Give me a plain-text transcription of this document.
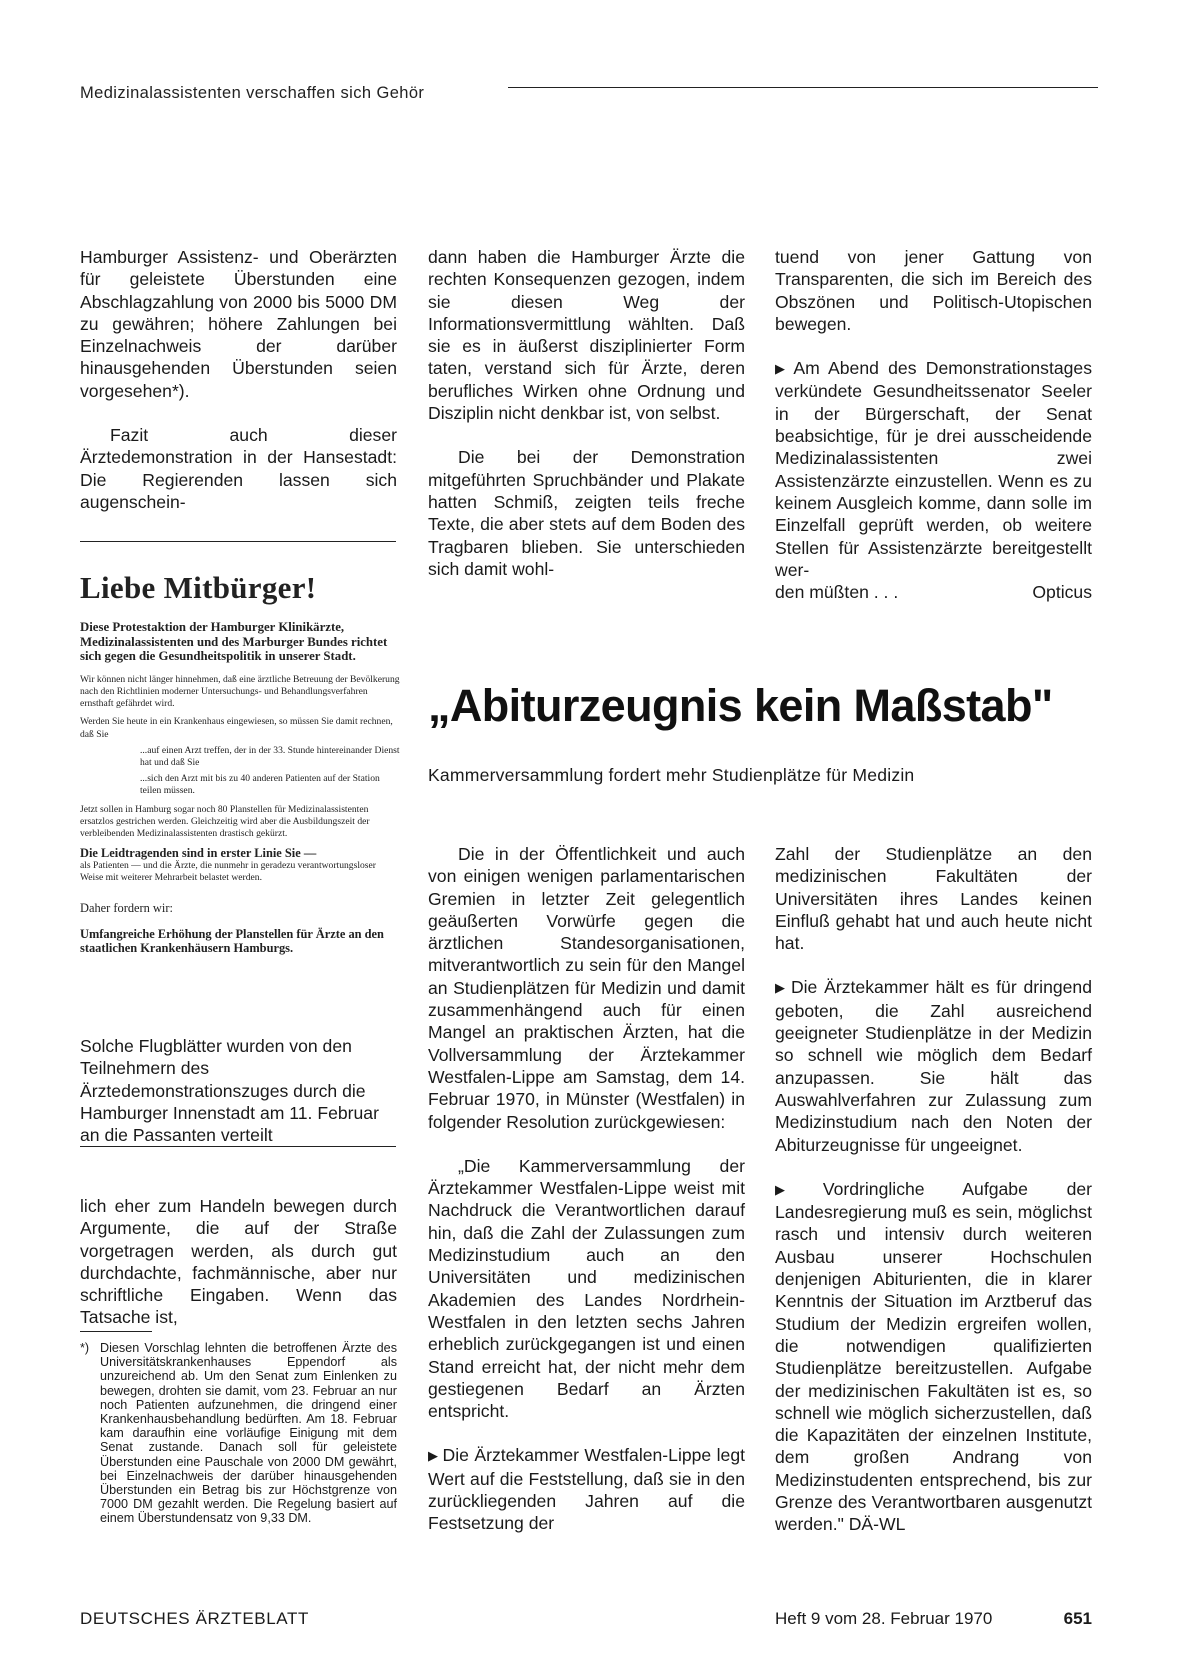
Medizinalassistenten verschaffen sich Gehör

Hamburger Assistenz- und Oberärzten für geleistete Überstunden eine Abschlagzahlung von 2000 bis 5000 DM zu gewähren; höhere Zahlungen bei Einzelnachweis der darüber hinausgehenden Überstunden seien vorgesehen*).

Fazit auch dieser Ärztedemonstration in der Hansestadt: Die Regierenden lassen sich augenschein-

dann haben die Hamburger Ärzte die rechten Konsequenzen gezogen, indem sie diesen Weg der Informationsvermittlung wählten. Daß sie es in äußerst disziplinierter Form taten, verstand sich für Ärzte, deren berufliches Wirken ohne Ordnung und Disziplin nicht denkbar ist, von selbst.

Die bei der Demonstration mitgeführten Spruchbänder und Plakate hatten Schmiß, zeigten teils freche Texte, die aber stets auf dem Boden des Tragbaren blieben. Sie unterschieden sich damit wohl-

tuend von jener Gattung von Transparenten, die sich im Bereich des Obszönen und Politisch-Utopischen bewegen.

▶ Am Abend des Demonstrationstages verkündete Gesundheitssenator Seeler in der Bürgerschaft, der Senat beabsichtige, für je drei ausscheidende Medizinalassistenten zwei Assistenzärzte einzustellen. Wenn es zu keinem Ausgleich komme, dann solle im Einzelfall geprüft werden, ob weitere Stellen für Assistenzärzte bereitgestellt wer-

den müßten . . .	Opticus
Liebe Mitbürger!
Diese Protestaktion der Hamburger Klinikärzte, Medizinalassistenten und des Marburger Bundes richtet sich gegen die Gesundheitspolitik in unserer Stadt.

Wir können nicht länger hinnehmen, daß eine ärztliche Betreuung der Bevölkerung nach den Richtlinien moderner Untersuchungs- und Behandlungsverfahren ernsthaft gefährdet wird.

Werden Sie heute in ein Krankenhaus eingewiesen, so müssen Sie damit rechnen, daß Sie

...auf einen Arzt treffen, der in der 33. Stunde hintereinander Dienst hat und daß Sie

...sich den Arzt mit bis zu 40 anderen Patienten auf der Station teilen müssen.

Jetzt sollen in Hamburg sogar noch 80 Planstellen für Medizinalassistenten ersatzlos gestrichen werden. Gleichzeitig wird aber die Ausbildungszeit der verbleibenden Medizinalassistenten drastisch gekürzt.

Die Leidtragenden sind in erster Linie Sie —

als Patienten — und die Ärzte, die nunmehr in geradezu verantwortungsloser Weise mit weiterer Mehrarbeit belastet werden.

Daher fordern wir:

Umfangreiche Erhöhung der Planstellen für Ärzte an den staatlichen Krankenhäusern Hamburgs.

Solche Flugblätter wurden von den Teilnehmern des Ärztedemonstrationszuges durch die Hamburger Innenstadt am 11. Februar an die Passanten verteilt

lich eher zum Handeln bewegen durch Argumente, die auf der Straße vorgetragen werden, als durch gut durchdachte, fachmännische, aber nur schriftliche Eingaben. Wenn das Tatsache ist,

*) Diesen Vorschlag lehnten die betroffenen Ärzte des Universitätskrankenhauses Eppendorf als unzureichend ab. Um den Senat zum Einlenken zu bewegen, drohten sie damit, vom 23. Februar an nur noch Patienten aufzunehmen, die dringend einer Krankenhausbehandlung bedürften. Am 18. Februar kam daraufhin eine vorläufige Einigung mit dem Senat zustande. Danach soll für geleistete Überstunden eine Pauschale von 2000 DM gewährt, bei Einzelnachweis der darüber hinausgehenden Überstunden ein Betrag bis zur Höchstgrenze von 7000 DM gezahlt werden. Die Regelung basiert auf einem Überstundensatz von 9,33 DM.
„Abiturzeugnis kein Maßstab"
Kammerversammlung fordert mehr Studienplätze für Medizin

Die in der Öffentlichkeit und auch von einigen wenigen parlamentarischen Gremien in letzter Zeit gelegentlich geäußerten Vorwürfe gegen die ärztlichen Standesorganisationen, mitverantwortlich zu sein für den Mangel an Studienplätzen für Medizin und damit zusammenhängend auch für einen Mangel an praktischen Ärzten, hat die Vollversammlung der Ärztekammer Westfalen-Lippe am Samstag, dem 14. Februar 1970, in Münster (Westfalen) in folgender Resolution zurückgewiesen:

„Die Kammerversammlung der Ärztekammer Westfalen-Lippe weist mit Nachdruck die Verantwortlichen darauf hin, daß die Zahl der Zulassungen zum Medizinstudium auch an den Universitäten und medizinischen Akademien des Landes Nordrhein-Westfalen in den letzten sechs Jahren erheblich zurückgegangen ist und einen Stand erreicht hat, der nicht mehr dem gestiegenen Bedarf an Ärzten entspricht.

▶ Die Ärztekammer Westfalen-Lippe legt Wert auf die Feststellung, daß sie in den zurückliegenden Jahren auf die Festsetzung der

Zahl der Studienplätze an den medizinischen Fakultäten der Universitäten ihres Landes keinen Einfluß gehabt hat und auch heute nicht hat.

▶ Die Ärztekammer hält es für dringend geboten, die Zahl ausreichend geeigneter Studienplätze in der Medizin so schnell wie möglich dem Bedarf anzupassen. Sie hält das Auswahlverfahren zur Zulassung zum Medizinstudium nach den Noten der Abiturzeugnisse für ungeeignet.

▶ Vordringliche Aufgabe der Landesregierung muß es sein, möglichst rasch und intensiv durch weiteren Ausbau unserer Hochschulen denjenigen Abiturienten, die in klarer Kenntnis der Situation im Arztberuf das Studium der Medizin ergreifen wollen, die notwendigen qualifizierten Studienplätze bereitzustellen. Aufgabe der medizinischen Fakultäten ist es, so schnell wie möglich sicherzustellen, daß die Kapazitäten der einzelnen Institute, dem großen Andrang von Medizinstudenten entsprechend, bis zur Grenze des Verantwortbaren ausgenutzt werden." DÄ-WL

DEUTSCHES ÄRZTEBLATT	Heft 9 vom 28. Februar 1970	651
